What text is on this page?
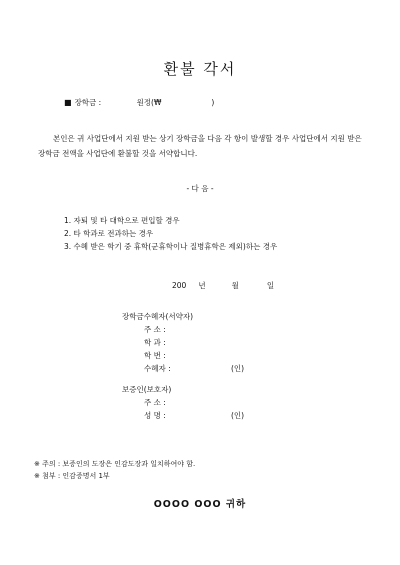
환불 각서
■ 장학금 :	원정(₩	)
본인은 귀 사업단에서 지원 받는 상기 장학금을 다음 각 항이 발생할 경우 사업단에서 지원 받은 장학금 전액을 사업단에 환불할 것을 서약합니다.
- 다 음 -
1. 자퇴 및 타 대학으로 편입할 경우
2. 타 학과로 전과하는 경우
3. 수혜 받은 학기 중 휴학(군휴학이나 질병휴학은 제외)하는 경우
200 년	월	일
장학금수혜자(서약자)
주 소 :
학 과 :
학 번 :
수혜자 :	(인)
보증인(보호자)
주 소 :
성 명 :	(인)
※ 주의 : 보증인의 도장은 인감도장과 일치하여야 함.
※ 첨부 : 인감증명서 1부
OOOO OOO 귀하
